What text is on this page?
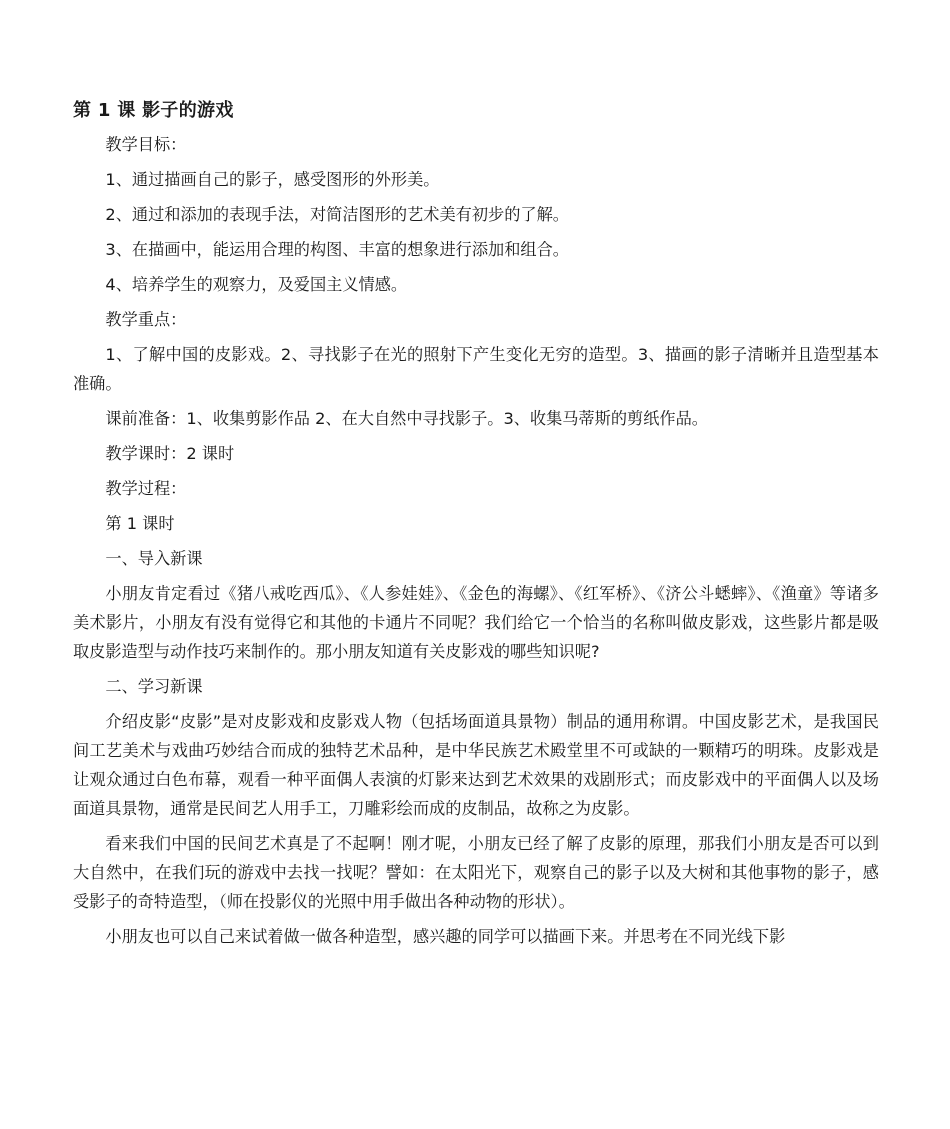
第 1 课 影子的游戏

教学目标：

1、通过描画自己的影子，感受图形的外形美。

2、通过和添加的表现手法，对简洁图形的艺术美有初步的了解。

3、在描画中，能运用合理的构图、丰富的想象进行添加和组合。

4、培养学生的观察力，及爱国主义情感。

教学重点：

1、了解中国的皮影戏。2、寻找影子在光的照射下产生变化无穷的造型。3、描画的影子清晰并且造型基本准确。

课前准备：1、收集剪影作品 2、在大自然中寻找影子。3、收集马蒂斯的剪纸作品。

教学课时：2 课时

教学过程：

第 1 课时

一、导入新课

小朋友肯定看过《猪八戒吃西瓜》、《人参娃娃》、《金色的海螺》、《红军桥》、《济公斗蟋蟀》、《渔童》等诸多美术影片，小朋友有没有觉得它和其他的卡通片不同呢？我们给它一个恰当的名称叫做皮影戏，这些影片都是吸取皮影造型与动作技巧来制作的。那小朋友知道有关皮影戏的哪些知识呢?

二、学习新课

介绍皮影“皮影”是对皮影戏和皮影戏人物（包括场面道具景物）制品的通用称谓。中国皮影艺术，是我国民间工艺美术与戏曲巧妙结合而成的独特艺术品种，是中华民族艺术殿堂里不可或缺的一颗精巧的明珠。皮影戏是让观众通过白色布幕，观看一种平面偶人表演的灯影来达到艺术效果的戏剧形式；而皮影戏中的平面偶人以及场面道具景物，通常是民间艺人用手工，刀雕彩绘而成的皮制品，故称之为皮影。

看来我们中国的民间艺术真是了不起啊！刚才呢，小朋友已经了解了皮影的原理，那我们小朋友是否可以到大自然中，在我们玩的游戏中去找一找呢？譬如：在太阳光下，观察自己的影子以及大树和其他事物的影子，感受影子的奇特造型，（师在投影仪的光照中用手做出各种动物的形状）。

小朋友也可以自己来试着做一做各种造型，感兴趣的同学可以描画下来。并思考在不同光线下影
